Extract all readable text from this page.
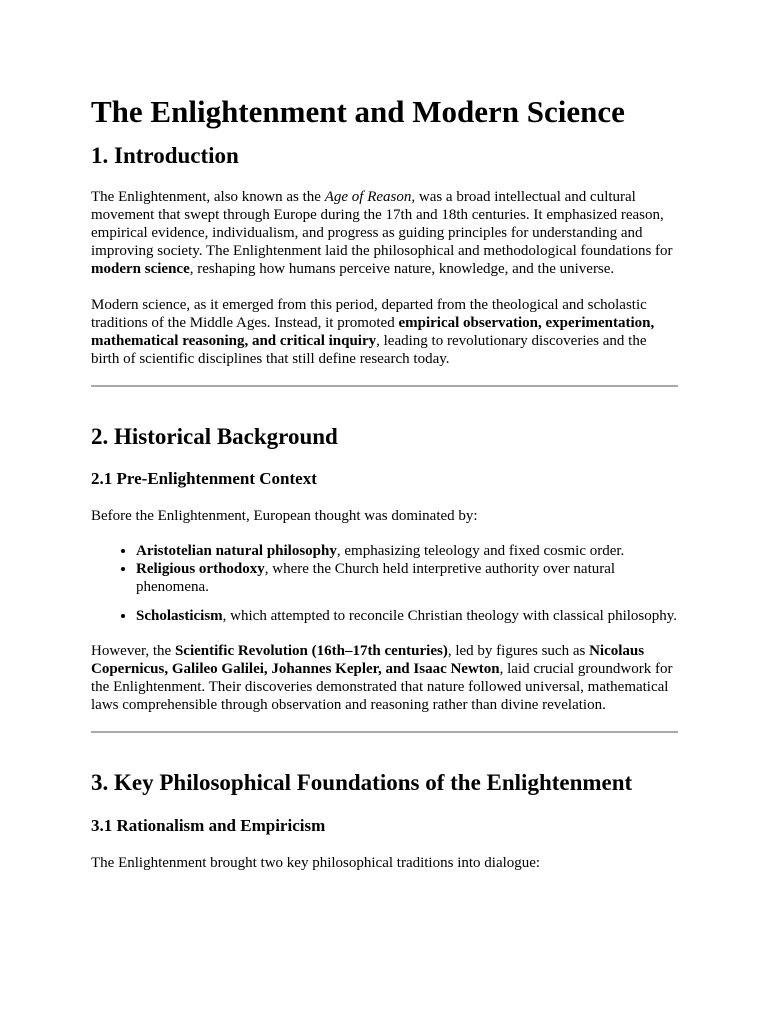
The Enlightenment and Modern Science
1. Introduction

The Enlightenment, also known as the Age of Reason, was a broad intellectual and cultural movement that swept through Europe during the 17th and 18th centuries. It emphasized reason, empirical evidence, individualism, and progress as guiding principles for understanding and improving society. The Enlightenment laid the philosophical and methodological foundations for modern science, reshaping how humans perceive nature, knowledge, and the universe.

Modern science, as it emerged from this period, departed from the theological and scholastic traditions of the Middle Ages. Instead, it promoted empirical observation, experimentation, mathematical reasoning, and critical inquiry, leading to revolutionary discoveries and the birth of scientific disciplines that still define research today.

2. Historical Background
2.1 Pre-Enlightenment Context

Before the Enlightenment, European thought was dominated by:

• Aristotelian natural philosophy, emphasizing teleology and fixed cosmic order.
• Religious orthodoxy, where the Church held interpretive authority over natural phenomena.
• Scholasticism, which attempted to reconcile Christian theology with classical philosophy.

However, the Scientific Revolution (16th–17th centuries), led by figures such as Nicolaus Copernicus, Galileo Galilei, Johannes Kepler, and Isaac Newton, laid crucial groundwork for the Enlightenment. Their discoveries demonstrated that nature followed universal, mathematical laws comprehensible through observation and reasoning rather than divine revelation.

3. Key Philosophical Foundations of the Enlightenment
3.1 Rationalism and Empiricism

The Enlightenment brought two key philosophical traditions into dialogue:
